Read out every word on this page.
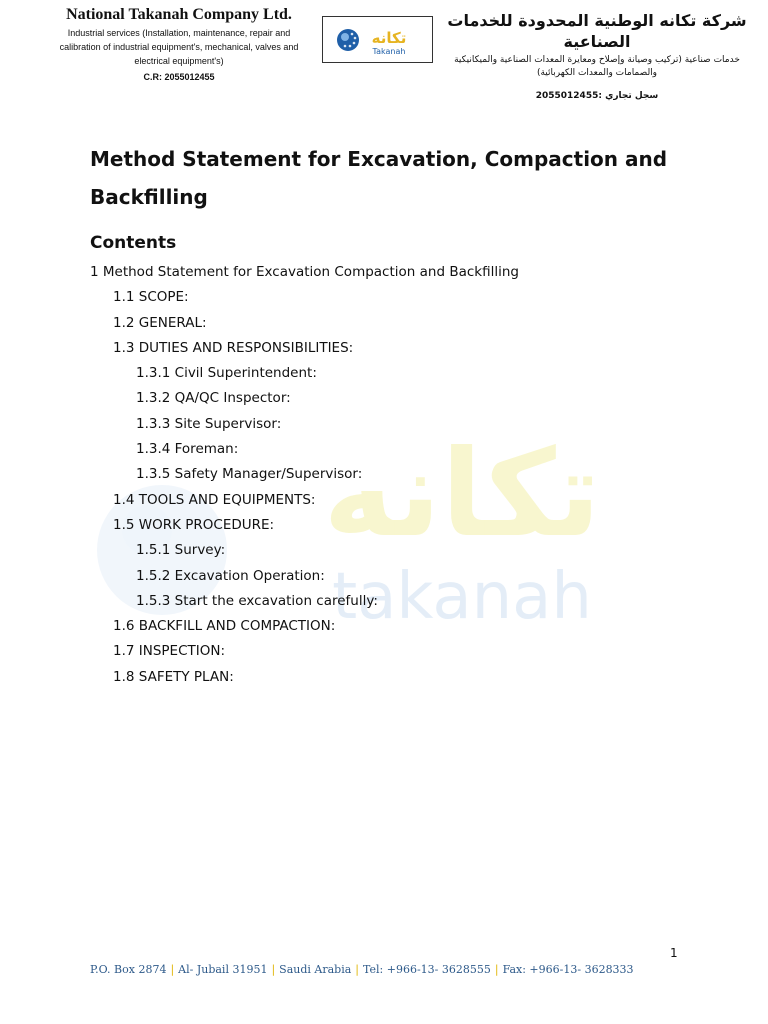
National Takanah Company Ltd.
Industrial services (Installation, maintenance, repair and calibration of industrial equipment's, mechanical, valves and electrical equipment's)
C.R: 2055012455
تكانه
Takanah
شركة تكانه الوطنية المحدودة للخدمات الصناعية
خدمات صناعية (تركيب وصيانة وإصلاح ومعايرة المعدات الصناعية والميكانيكية والصمامات والمعدات الكهربائية)
سجل تجاري :2055012455
تكانه
takanah
Method Statement for Excavation, Compaction and Backfilling
Contents
1 Method Statement for Excavation Compaction and Backfilling
1.1 SCOPE:
1.2 GENERAL:
1.3 DUTIES AND RESPONSIBILITIES:
1.3.1 Civil Superintendent:
1.3.2 QA/QC Inspector:
1.3.3 Site Supervisor:
1.3.4 Foreman:
1.3.5 Safety Manager/Supervisor:
1.4 TOOLS AND EQUIPMENTS:
1.5 WORK PROCEDURE:
1.5.1 Survey:
1.5.2 Excavation Operation:
1.5.3 Start the excavation carefully:
1.6 BACKFILL AND COMPACTION:
1.7 INSPECTION:
1.8 SAFETY PLAN:
1
P.O. Box 2874 | Al- Jubail 31951 | Saudi Arabia | Tel: +966-13- 3628555 | Fax: +966-13- 3628333
